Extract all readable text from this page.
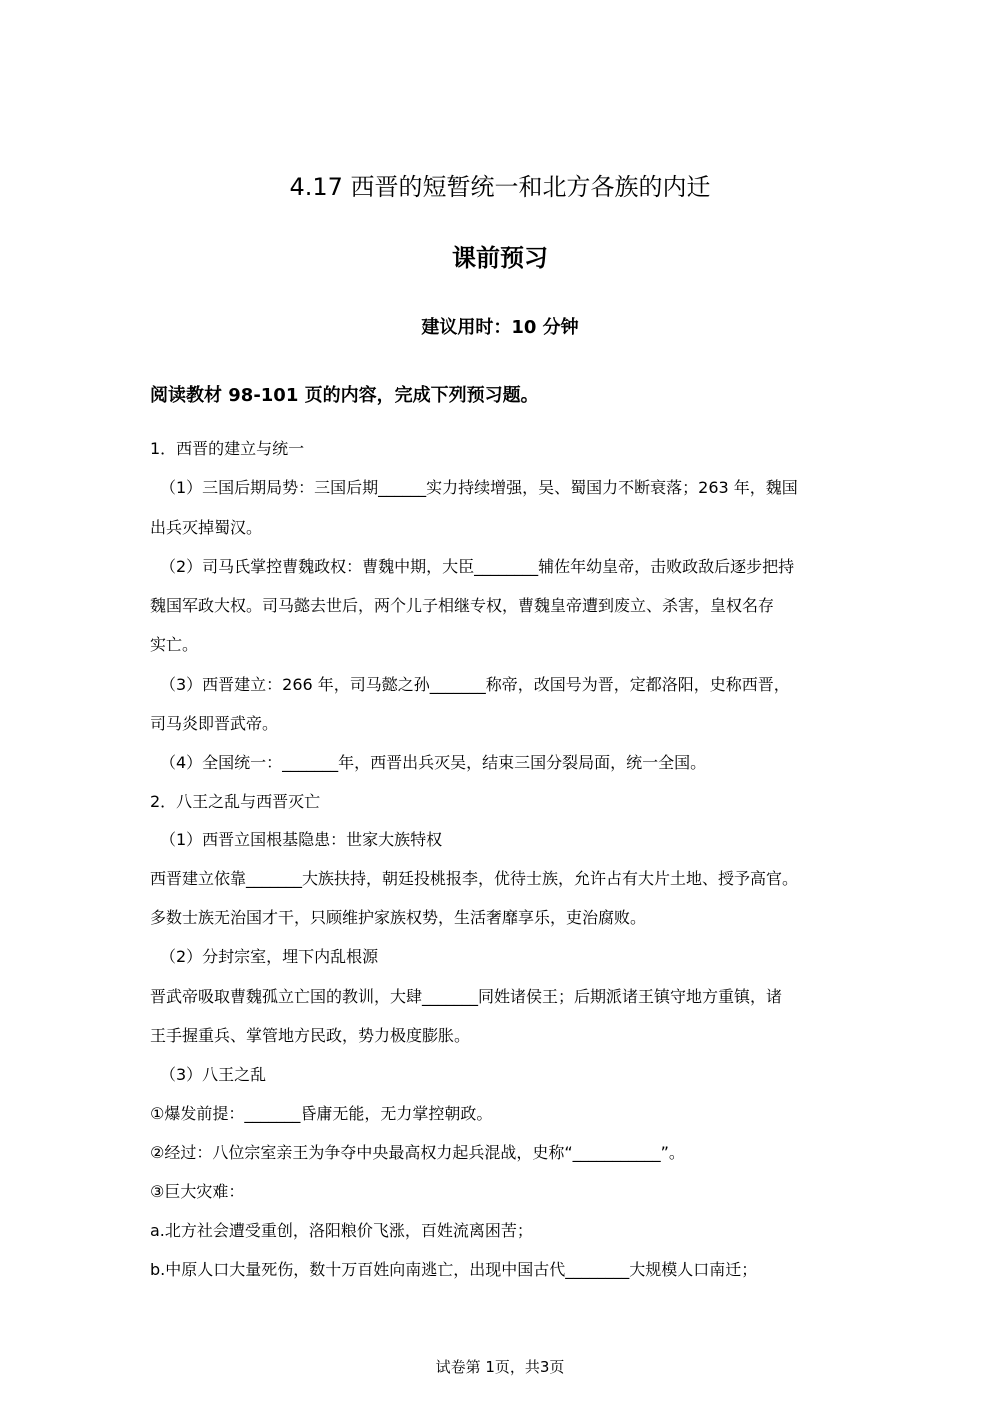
4.17 西晋的短暂统一和北方各族的内迁
课前预习
建议用时：10 分钟
阅读教材 98-101 页的内容，完成下列预习题。
1．西晋的建立与统一
（1）三国后期局势：三国后期______实力持续增强，吴、蜀国力不断衰落；263 年，魏国
出兵灭掉蜀汉。
（2）司马氏掌控曹魏政权：曹魏中期，大臣________辅佐年幼皇帝，击败政敌后逐步把持
魏国军政大权。司马懿去世后，两个儿子相继专权，曹魏皇帝遭到废立、杀害，皇权名存
实亡。
（3）西晋建立：266 年，司马懿之孙_______称帝，改国号为晋，定都洛阳，史称西晋，
司马炎即晋武帝。
（4）全国统一：_______年，西晋出兵灭吴，结束三国分裂局面，统一全国。
2．八王之乱与西晋灭亡
（1）西晋立国根基隐患：世家大族特权
西晋建立依靠_______大族扶持，朝廷投桃报李，优待士族，允许占有大片土地、授予高官。
多数士族无治国才干，只顾维护家族权势，生活奢靡享乐，吏治腐败。
（2）分封宗室，埋下内乱根源
晋武帝吸取曹魏孤立亡国的教训，大肆_______同姓诸侯王；后期派诸王镇守地方重镇，诸
王手握重兵、掌管地方民政，势力极度膨胀。
（3）八王之乱
①爆发前提：_______昏庸无能，无力掌控朝政。
②经过：八位宗室亲王为争夺中央最高权力起兵混战，史称“___________”。
③巨大灾难：
a.北方社会遭受重创，洛阳粮价飞涨，百姓流离困苦；
b.中原人口大量死伤，数十万百姓向南逃亡，出现中国古代________大规模人口南迁；
试卷第 1页，共3页
